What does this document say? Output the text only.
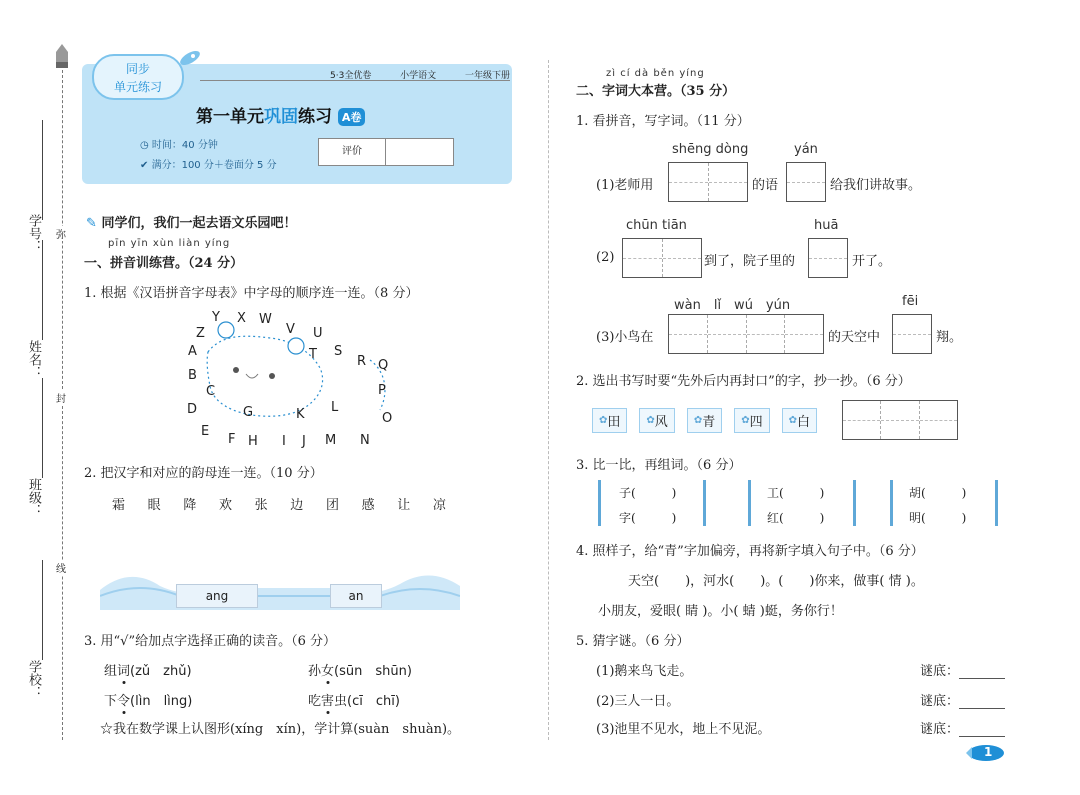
学号： 弥
姓名：
封
班级：
线
学校：
同步
单元练习
5·3全优卷	小学语文	一年级下册
第一单元巩固练习 A卷
◷ 时间：40 分钟
✔ 满分：100 分＋卷面分 5 分
评价
✎ 同学们，我们一起去语文乐园吧！
pīn yīn xùn liàn yíng
一、拼音训练营。（24 分）
1. 根据《汉语拼音字母表》中字母的顺序连一连。（8 分）
Z
Y X W
V U
A	T S
R Q
B
P
C
D	G	K L
O
E
F H I J M N
2. 把汉字和对应的韵母连一连。（10 分）
霜 眼 降 欢 张 边 团 感 让 凉
ang	an
3. 用“√”给加点字选择正确的读音。（6 分）
组词(zǔ　zhǔ)	孙女(sūn　shūn)
下令(lìn　lìng)	吃害虫(cī　chī)
☆我在数学课上认图形(xíng　xín)，学计算(suàn　shuàn)。
zì cí dà běn yíng
二、字词大本营。（35 分）
1. 看拼音，写字词。（11 分）
shēng dòng	yán
(1)老师用	的语	给我们讲故事。
chūn tiān	huā
(2)	到了，院子里的	开了。
wàn　lǐ　wú　yún	fēi
(3)小鸟在	的天空中	翔。
2. 选出书写时要“先外后内再封口”的字，抄一抄。（6 分）
✿ 田	✿ 风	✿ 青	✿ 四	✿ 白
3. 比一比，再组词。（6 分）
子(　　　)
字(　　　)
工(　　　)
红(　　　)
胡(　　　)
明(　　　)
4. 照样子，给“青”字加偏旁，再将新字填入句子中。（6 分）
天空(　　)，河水(　　)。(　　)你来，做事( 情 )。
小朋友，爱眼( 睛 )。小( 蜻 )蜓，务你行！
5. 猜字谜。（6 分）
(1)鹅来鸟飞走。	谜底：
(2)三人一日。	谜底：
(3)池里不见水，地上不见泥。	谜底：
1
